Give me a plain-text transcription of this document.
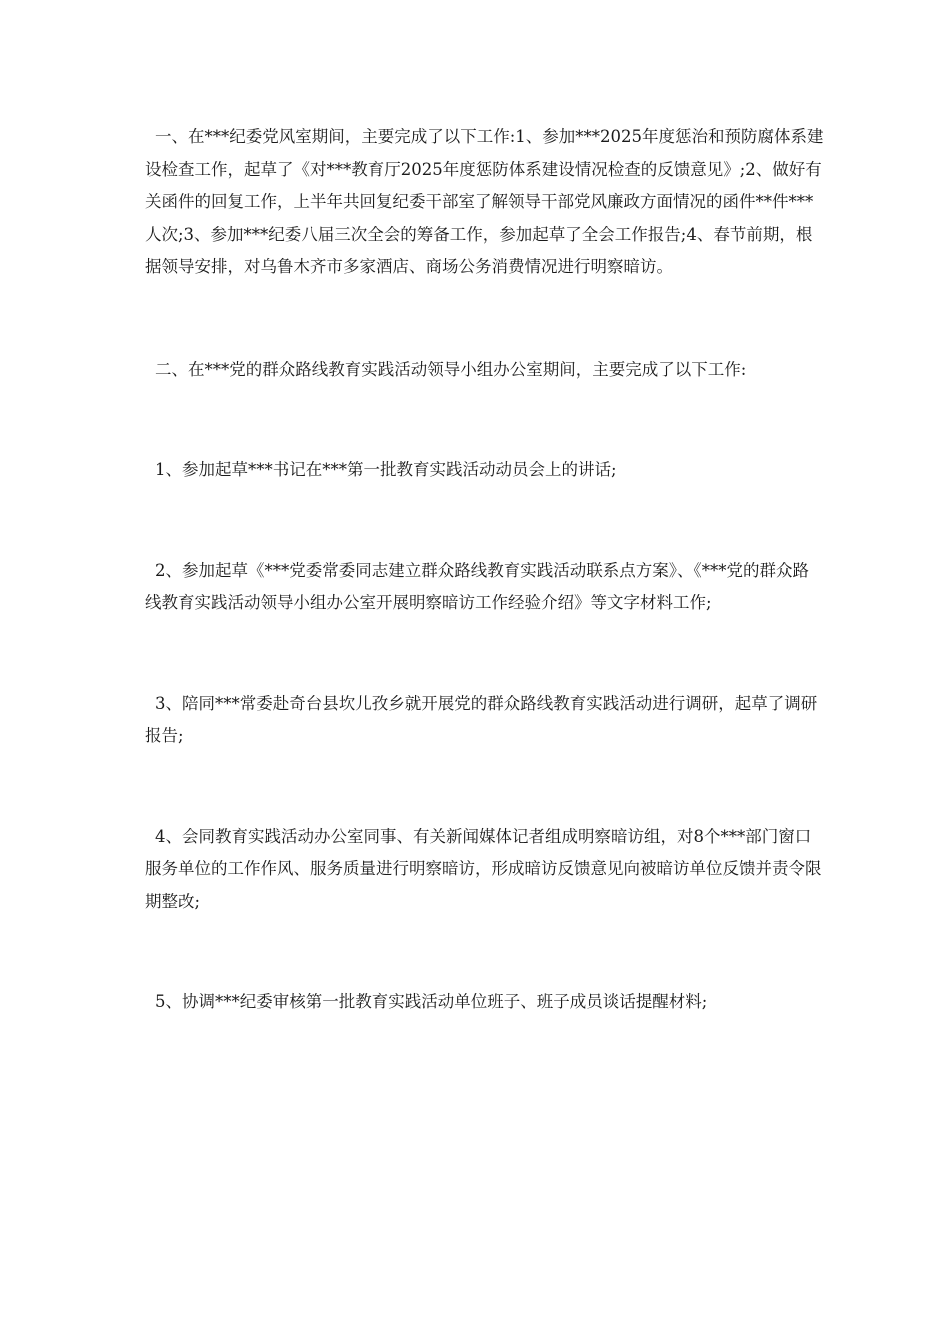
一、在***纪委党风室期间，主要完成了以下工作:1、参加***2025年度惩治和预防腐体系建设检查工作，起草了《对***教育厅2025年度惩防体系建设情况检查的反馈意见》;2、做好有关函件的回复工作，上半年共回复纪委干部室了解领导干部党风廉政方面情况的函件**件***人次;3、参加***纪委八届三次全会的筹备工作，参加起草了全会工作报告;4、春节前期，根据领导安排，对乌鲁木齐市多家酒店、商场公务消费情况进行明察暗访。

二、在***党的群众路线教育实践活动领导小组办公室期间，主要完成了以下工作:

1、参加起草***书记在***第一批教育实践活动动员会上的讲话;

2、参加起草《***党委常委同志建立群众路线教育实践活动联系点方案》、《***党的群众路线教育实践活动领导小组办公室开展明察暗访工作经验介绍》等文字材料工作;

3、陪同***常委赴奇台县坎儿孜乡就开展党的群众路线教育实践活动进行调研，起草了调研报告;

4、会同教育实践活动办公室同事、有关新闻媒体记者组成明察暗访组，对8个***部门窗口服务单位的工作作风、服务质量进行明察暗访，形成暗访反馈意见向被暗访单位反馈并责令限期整改;

5、协调***纪委审核第一批教育实践活动单位班子、班子成员谈话提醒材料;
